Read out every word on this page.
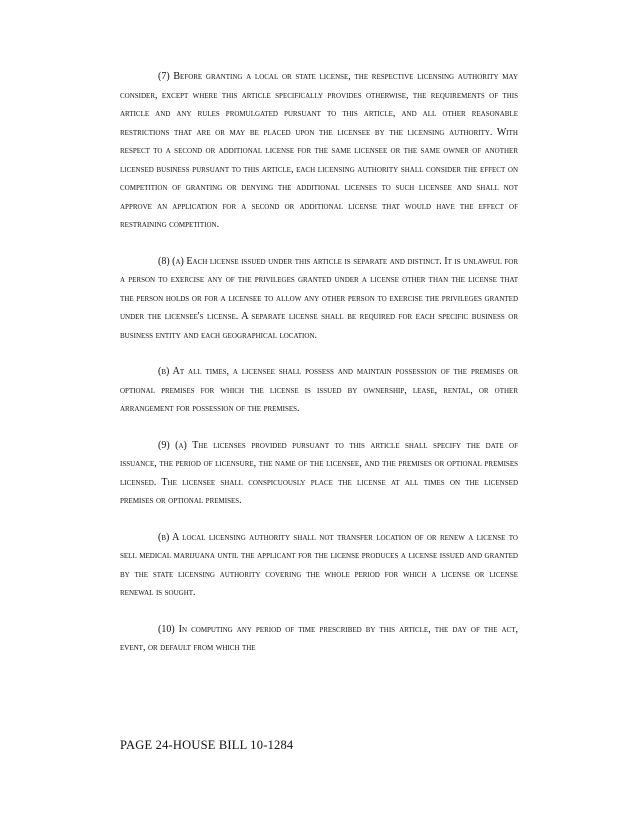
(7) Before granting a local or state license, the respective licensing authority may consider, except where this article specifically provides otherwise, the requirements of this article and any rules promulgated pursuant to this article, and all other reasonable restrictions that are or may be placed upon the licensee by the licensing authority. With respect to a second or additional license for the same licensee or the same owner of another licensed business pursuant to this article, each licensing authority shall consider the effect on competition of granting or denying the additional licenses to such licensee and shall not approve an application for a second or additional license that would have the effect of restraining competition.

(8) (a) Each license issued under this article is separate and distinct. It is unlawful for a person to exercise any of the privileges granted under a license other than the license that the person holds or for a licensee to allow any other person to exercise the privileges granted under the licensee's license. A separate license shall be required for each specific business or business entity and each geographical location.

(b) At all times, a licensee shall possess and maintain possession of the premises or optional premises for which the license is issued by ownership, lease, rental, or other arrangement for possession of the premises.

(9) (a) The licenses provided pursuant to this article shall specify the date of issuance, the period of licensure, the name of the licensee, and the premises or optional premises licensed. The licensee shall conspicuously place the license at all times on the licensed premises or optional premises.

(b) A local licensing authority shall not transfer location of or renew a license to sell medical marijuana until the applicant for the license produces a license issued and granted by the state licensing authority covering the whole period for which a license or license renewal is sought.

(10) In computing any period of time prescribed by this article, the day of the act, event, or default from which the

PAGE 24-HOUSE BILL 10-1284
